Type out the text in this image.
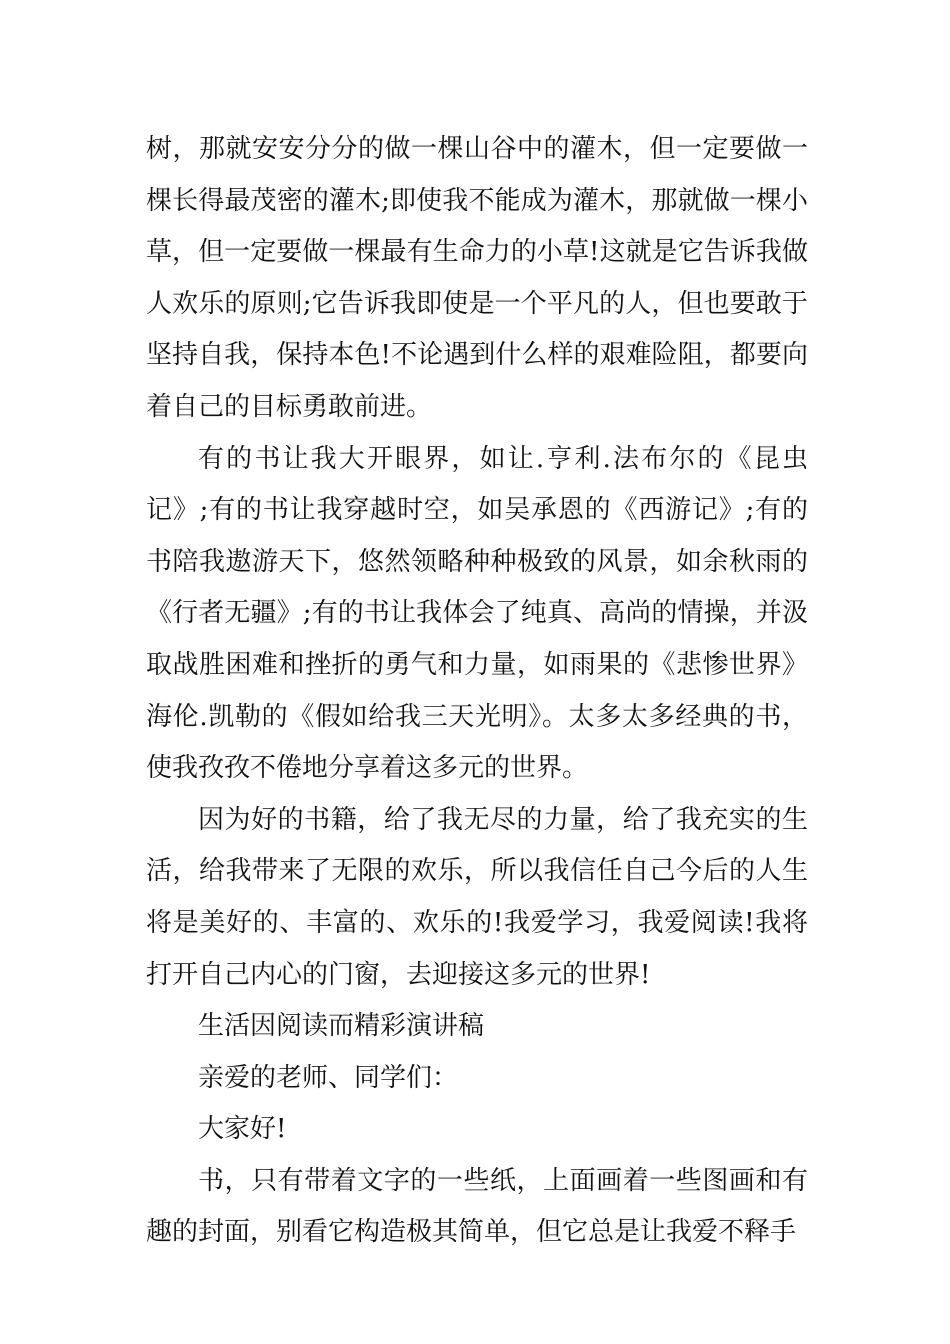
树，那就安安分分的做一棵山谷中的灌木，但一定要做一棵长得最茂密的灌木;即使我不能成为灌木，那就做一棵小草，但一定要做一棵最有生命力的小草!这就是它告诉我做人欢乐的原则;它告诉我即使是一个平凡的人，但也要敢于坚持自我，保持本色!不论遇到什么样的艰难险阻，都要向着自己的目标勇敢前进。

有的书让我大开眼界，如让.亨利.法布尔的《昆虫记》;有的书让我穿越时空，如吴承恩的《西游记》;有的书陪我遨游天下，悠然领略种种极致的风景，如余秋雨的《行者无疆》;有的书让我体会了纯真、高尚的情操，并汲取战胜困难和挫折的勇气和力量，如雨果的《悲惨世界》海伦.凯勒的《假如给我三天光明》。太多太多经典的书，使我孜孜不倦地分享着这多元的世界。

因为好的书籍，给了我无尽的力量，给了我充实的生活，给我带来了无限的欢乐，所以我信任自己今后的人生将是美好的、丰富的、欢乐的!我爱学习，我爱阅读!我将打开自己内心的门窗，去迎接这多元的世界!

生活因阅读而精彩演讲稿

亲爱的老师、同学们：

大家好!

书，只有带着文字的一些纸，上面画着一些图画和有趣的封面，别看它构造极其简单，但它总是让我爱不释手
